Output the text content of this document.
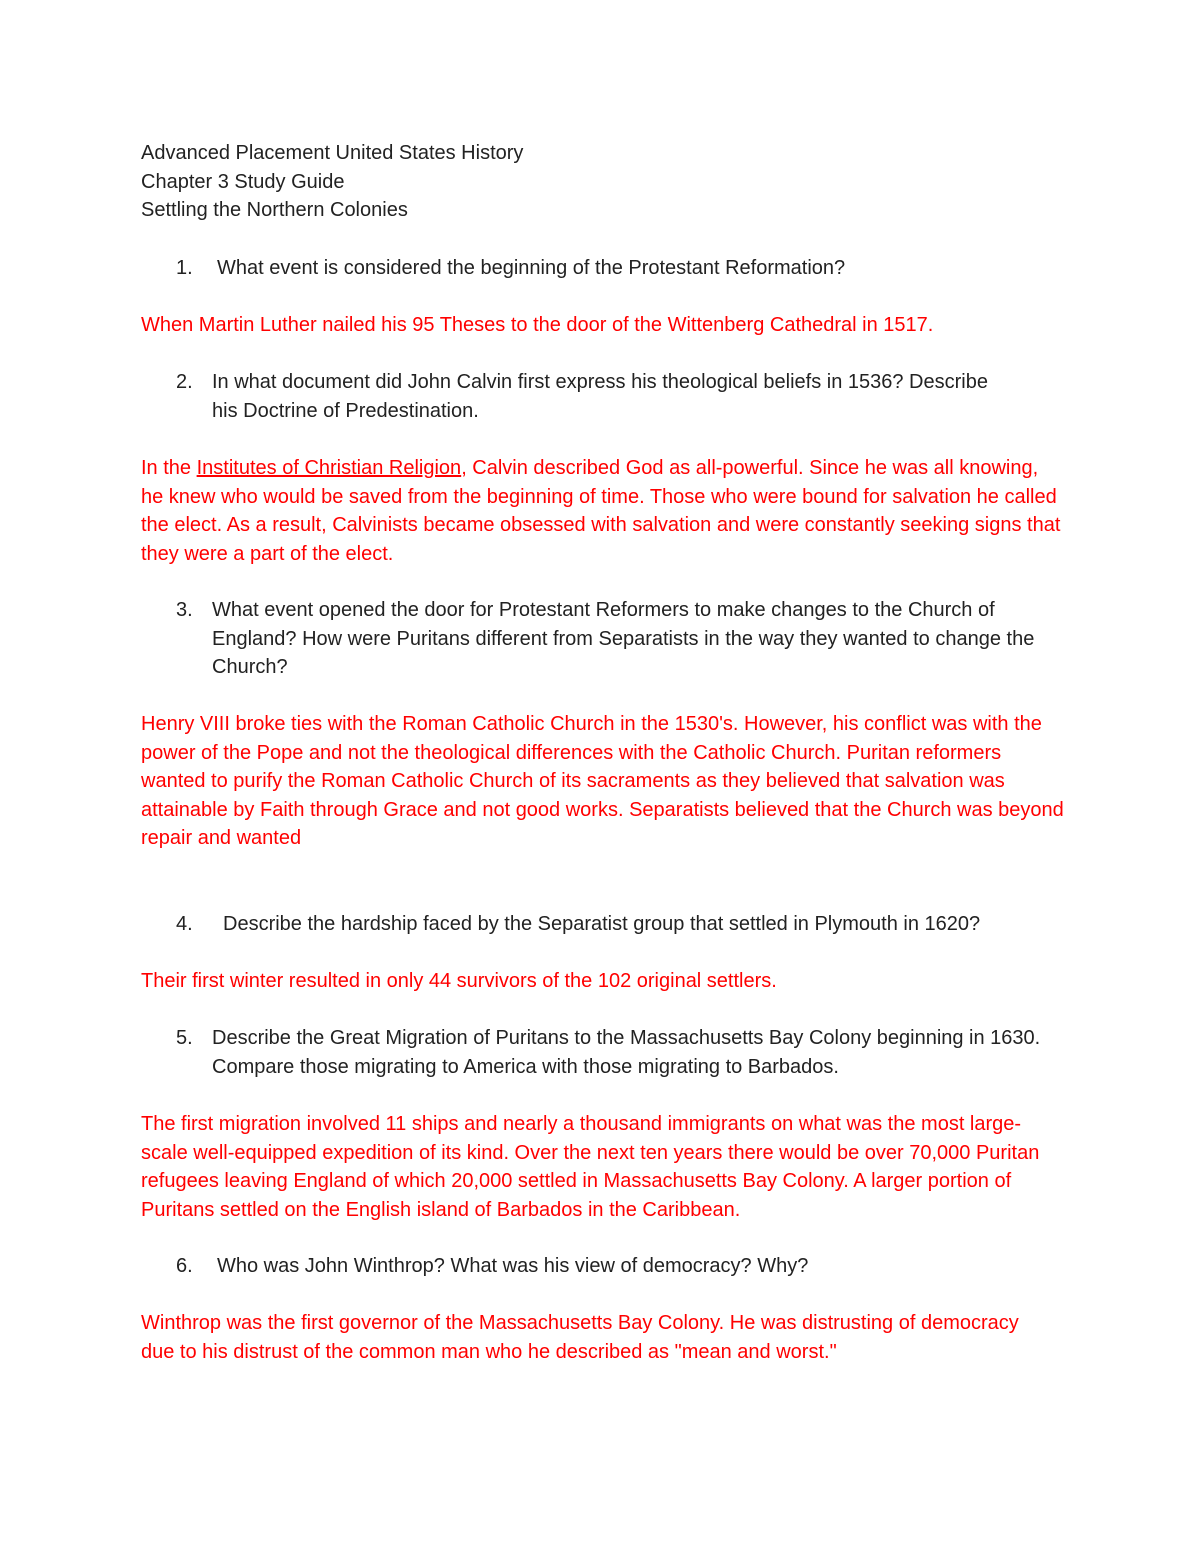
Advanced Placement United States History
Chapter 3 Study Guide
Settling the Northern Colonies
1. What event is considered the beginning of the Protestant Reformation?
When Martin Luther nailed his 95 Theses to the door of the Wittenberg Cathedral in 1517.
2. In what document did John Calvin first express his theological beliefs in 1536? Describe his Doctrine of Predestination.
In the Institutes of Christian Religion, Calvin described God as all-powerful. Since he was all knowing, he knew who would be saved from the beginning of time. Those who were bound for salvation he called the elect. As a result, Calvinists became obsessed with salvation and were constantly seeking signs that they were a part of the elect.
3. What event opened the door for Protestant Reformers to make changes to the Church of England? How were Puritans different from Separatists in the way they wanted to change the Church?
Henry VIII broke ties with the Roman Catholic Church in the 1530's. However, his conflict was with the power of the Pope and not the theological differences with the Catholic Church. Puritan reformers wanted to purify the Roman Catholic Church of its sacraments as they believed that salvation was attainable by Faith through Grace and not good works. Separatists believed that the Church was beyond repair and wanted
4. Describe the hardship faced by the Separatist group that settled in Plymouth in 1620?
Their first winter resulted in only 44 survivors of the 102 original settlers.
5. Describe the Great Migration of Puritans to the Massachusetts Bay Colony beginning in 1630. Compare those migrating to America with those migrating to Barbados.
The first migration involved 11 ships and nearly a thousand immigrants on what was the most large-scale well-equipped expedition of its kind. Over the next ten years there would be over 70,000 Puritan refugees leaving England of which 20,000 settled in Massachusetts Bay Colony. A larger portion of Puritans settled on the English island of Barbados in the Caribbean.
6. Who was John Winthrop? What was his view of democracy? Why?
Winthrop was the first governor of the Massachusetts Bay Colony. He was distrusting of democracy due to his distrust of the common man who he described as "mean and worst."
